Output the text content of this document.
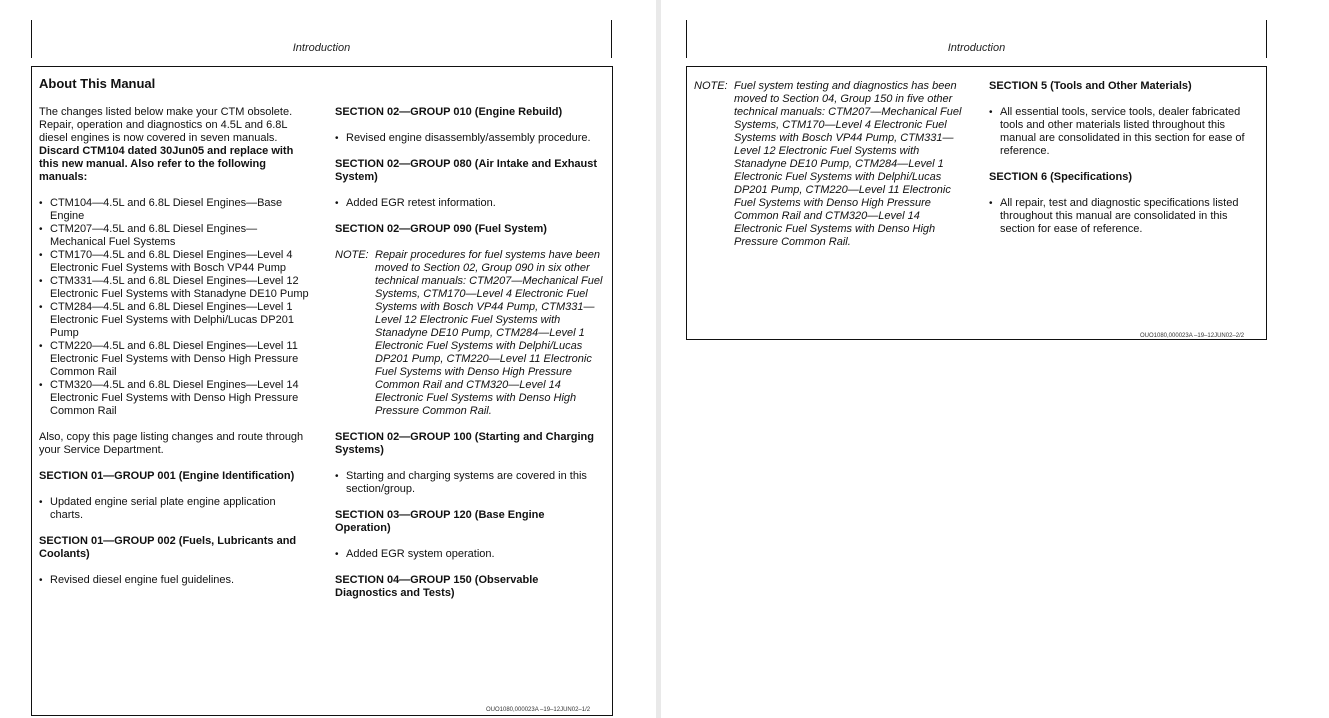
Introduction
About This Manual

The changes listed below make your CTM obsolete. Repair, operation and diagnostics on 4.5L and 6.8L diesel engines is now covered in seven manuals. Discard CTM104 dated 30Jun05 and replace with this new manual. Also refer to the following manuals:

• CTM104—4.5L and 6.8L Diesel Engines—Base Engine
• CTM207—4.5L and 6.8L Diesel Engines—Mechanical Fuel Systems
• CTM170—4.5L and 6.8L Diesel Engines—Level 4 Electronic Fuel Systems with Bosch VP44 Pump
• CTM331—4.5L and 6.8L Diesel Engines—Level 12 Electronic Fuel Systems with Stanadyne DE10 Pump
• CTM284—4.5L and 6.8L Diesel Engines—Level 1 Electronic Fuel Systems with Delphi/Lucas DP201 Pump
• CTM220—4.5L and 6.8L Diesel Engines—Level 11 Electronic Fuel Systems with Denso High Pressure Common Rail
• CTM320—4.5L and 6.8L Diesel Engines—Level 14 Electronic Fuel Systems with Denso High Pressure Common Rail

Also, copy this page listing changes and route through your Service Department.

SECTION 01—GROUP 001 (Engine Identification)
• Updated engine serial plate engine application charts.
SECTION 01—GROUP 002 (Fuels, Lubricants and Coolants)
• Revised diesel engine fuel guidelines.
SECTION 02—GROUP 010 (Engine Rebuild)
• Revised engine disassembly/assembly procedure.
SECTION 02—GROUP 080 (Air Intake and Exhaust System)
• Added EGR retest information.
SECTION 02—GROUP 090 (Fuel System)
NOTE: Repair procedures for fuel systems have been moved to Section 02, Group 090 in six other technical manuals: CTM207—Mechanical Fuel Systems, CTM170—Level 4 Electronic Fuel Systems with Bosch VP44 Pump, CTM331—Level 12 Electronic Fuel Systems with Stanadyne DE10 Pump, CTM284—Level 1 Electronic Fuel Systems with Delphi/Lucas DP201 Pump, CTM220—Level 11 Electronic Fuel Systems with Denso High Pressure Common Rail and CTM320—Level 14 Electronic Fuel Systems with Denso High Pressure Common Rail.
SECTION 02—GROUP 100 (Starting and Charging Systems)
• Starting and charging systems are covered in this section/group.
SECTION 03—GROUP 120 (Base Engine Operation)
• Added EGR system operation.
SECTION 04—GROUP 150 (Observable Diagnostics and Tests)
OUO1080,000023A –19–12JUN02–1/2
Introduction
NOTE: Fuel system testing and diagnostics has been moved to Section 04, Group 150 in five other technical manuals: CTM207—Mechanical Fuel Systems, CTM170—Level 4 Electronic Fuel Systems with Bosch VP44 Pump, CTM331—Level 12 Electronic Fuel Systems with Stanadyne DE10 Pump, CTM284—Level 1 Electronic Fuel Systems with Delphi/Lucas DP201 Pump, CTM220—Level 11 Electronic Fuel Systems with Denso High Pressure Common Rail and CTM320—Level 14 Electronic Fuel Systems with Denso High Pressure Common Rail.
SECTION 5 (Tools and Other Materials)
• All essential tools, service tools, dealer fabricated tools and other materials listed throughout this manual are consolidated in this section for ease of reference.
SECTION 6 (Specifications)
• All repair, test and diagnostic specifications listed throughout this manual are consolidated in this section for ease of reference.
OUO1080,000023A –19–12JUN02–2/2
